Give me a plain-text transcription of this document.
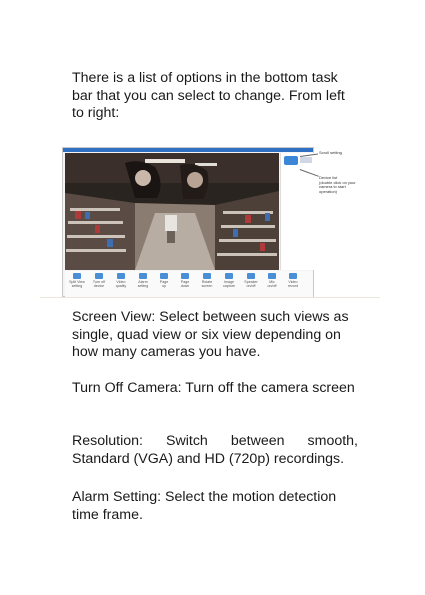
There is a list of options in the bottom task bar that you can select to change. From left to right:

Split View
setting
Turn off
device
Video
quality
Alarm
setting
Page
up
Page
down
Rotate
screen
Image
capture
Speaker
on/off
Mic
on/off
Video
record
Scroll setting
Device list
(double click on your
camera to start operation)

Screen View: Select between such views as single, quad view or six view depending on how many cameras you have.

Turn Off Camera: Turn off the camera screen

Resolution: Switch between smooth, Standard (VGA) and HD (720p) recordings.

Alarm Setting: Select the motion detection time frame.
